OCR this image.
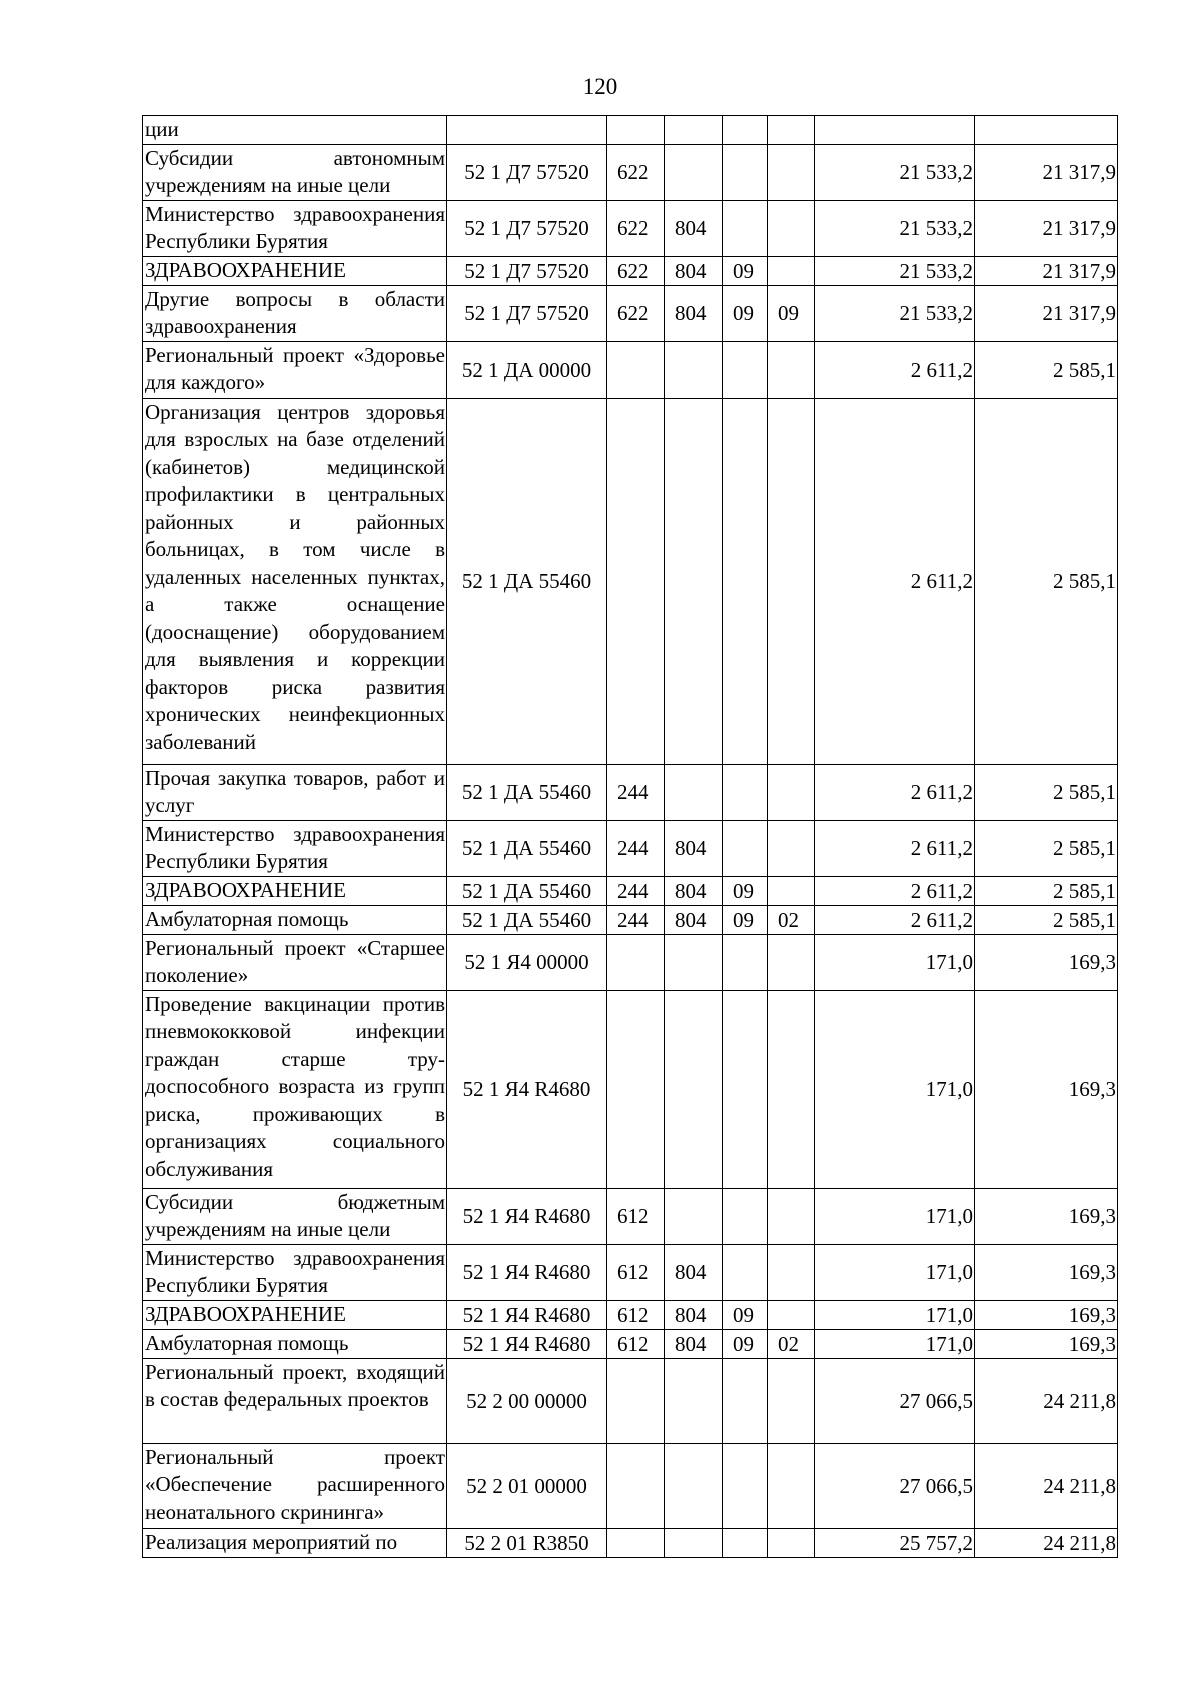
120
ции							
Субсидии автономным учреждениям на иные цели	52 1 Д7 57520	622				21 533,2	21 317,9
Министерство здравоохранения Республики Бурятия	52 1 Д7 57520	622	804			21 533,2	21 317,9
ЗДРАВООХРАНЕНИЕ	52 1 Д7 57520	622	804	09		21 533,2	21 317,9
Другие вопросы в области здравоохранения	52 1 Д7 57520	622	804	09	09	21 533,2	21 317,9
Региональный проект «Здоровье для каждого»	52 1 ДА 00000					2 611,2	2 585,1
Организация центров здоровья для взрослых на базе отделений (кабинетов) медицинской профилактики в центральных районных и районных больницах, в том числе в удаленных населенных пунктах, а также оснащение (дооснащение) оборудованием для выявления и коррекции факторов риска развития хронических неинфекционных заболеваний	52 1 ДА 55460					2 611,2	2 585,1
Прочая закупка товаров, работ и услуг	52 1 ДА 55460	244				2 611,2	2 585,1
Министерство здравоохранения Республики Бурятия	52 1 ДА 55460	244	804			2 611,2	2 585,1
ЗДРАВООХРАНЕНИЕ	52 1 ДА 55460	244	804	09		2 611,2	2 585,1
Амбулаторная помощь	52 1 ДА 55460	244	804	09	02	2 611,2	2 585,1
Региональный проект «Старшее поколение»	52 1 Я4 00000					171,0	169,3
Проведение вакцинации против пневмококковой инфекции граждан старше трудоспособного возраста из групп риска, проживающих в организациях социального обслуживания	52 1 Я4 R4680					171,0	169,3
Субсидии бюджетным учреждениям на иные цели	52 1 Я4 R4680	612				171,0	169,3
Министерство здравоохранения Республики Бурятия	52 1 Я4 R4680	612	804			171,0	169,3
ЗДРАВООХРАНЕНИЕ	52 1 Я4 R4680	612	804	09		171,0	169,3
Амбулаторная помощь	52 1 Я4 R4680	612	804	09	02	171,0	169,3
Региональный проект, входящий в состав федеральных проектов	52 2 00 00000					27 066,5	24 211,8
Региональный проект «Обеспечение расширенного неонатального скрининга»	52 2 01 00000					27 066,5	24 211,8
Реализация мероприятий по	52 2 01 R3850					25 757,2	24 211,8
